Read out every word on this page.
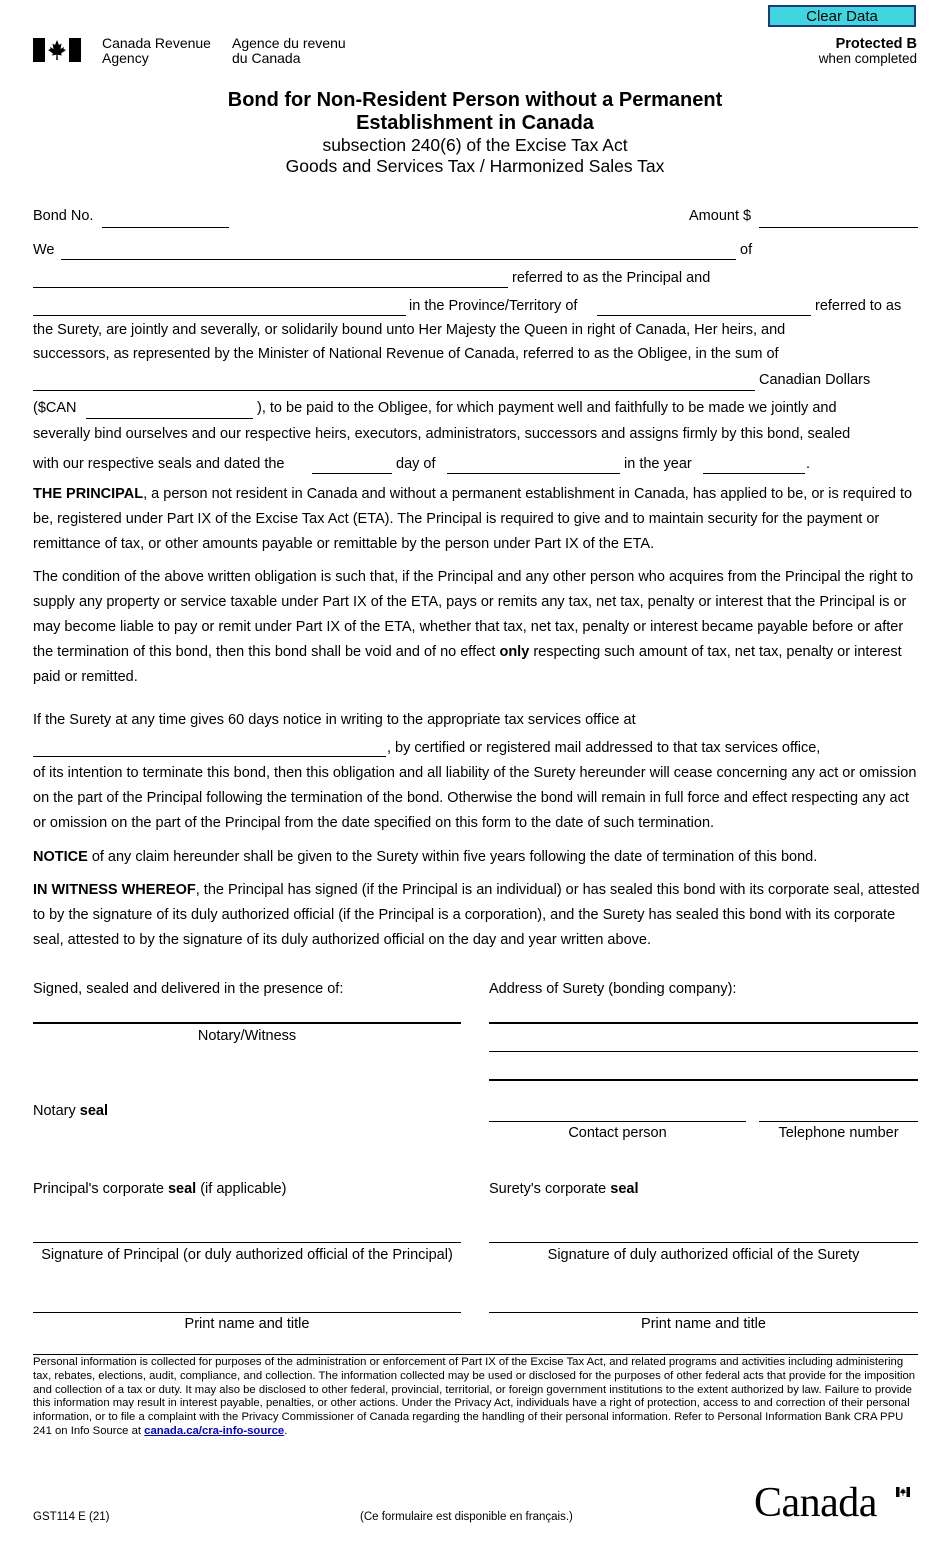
Canada Revenue
Agency
Agence du revenu
du Canada
Clear Data
Protected B
when completed
Bond for Non-Resident Person without a Permanent
Establishment in Canada
subsection 240(6) of the Excise Tax Act
Goods and Services Tax / Harmonized Sales Tax
Bond No.	Amount $
We	of
referred to as the Principal and
in the Province/Territory of	referred to as
the Surety, are jointly and severally, or solidarily bound unto Her Majesty the Queen in right of Canada, Her heirs, and
successors, as represented by the Minister of National Revenue of Canada, referred to as the Obligee, in the sum of
Canadian Dollars
($CAN	), to be paid to the Obligee, for which payment well and faithfully to be made we jointly and
severally bind ourselves and our respective heirs, executors, administrators, successors and assigns firmly by this bond, sealed
with our respective seals and dated the	day of	in the year	.

THE PRINCIPAL, a person not resident in Canada and without a permanent establishment in Canada, has applied to be, or is required to be, registered under Part IX of the Excise Tax Act (ETA). The Principal is required to give and to maintain security for the payment or remittance of tax, or other amounts payable or remittable by the person under Part IX of the ETA.

The condition of the above written obligation is such that, if the Principal and any other person who acquires from the Principal the right to supply any property or service taxable under Part IX of the ETA, pays or remits any tax, net tax, penalty or interest that the Principal is or may become liable to pay or remit under Part IX of the ETA, whether that tax, net tax, penalty or interest became payable before or after the termination of this bond, then this bond shall be void and of no effect only respecting such amount of tax, net tax, penalty or interest paid or remitted.

If the Surety at any time gives 60 days notice in writing to the appropriate tax services office at
, by certified or registered mail addressed to that tax services office,

of its intention to terminate this bond, then this obligation and all liability of the Surety hereunder will cease concerning any act or omission on the part of the Principal following the termination of the bond. Otherwise the bond will remain in full force and effect respecting any act or omission on the part of the Principal from the date specified on this form to the date of such termination.

NOTICE of any claim hereunder shall be given to the Surety within five years following the date of termination of this bond.

IN WITNESS WHEREOF, the Principal has signed (if the Principal is an individual) or has sealed this bond with its corporate seal, attested to by the signature of its duly authorized official (if the Principal is a corporation), and the Surety has sealed this bond with its corporate seal, attested to by the signature of its duly authorized official on the day and year written above.

Signed, sealed and delivered in the presence of:	Address of Surety (bonding company):
Notary/Witness
Notary seal
Contact person	Telephone number
Principal's corporate seal (if applicable)	Surety's corporate seal
Signature of Principal (or duly authorized official of the Principal)	Signature of duly authorized official of the Surety
Print name and title	Print name and title
Personal information is collected for purposes of the administration or enforcement of Part IX of the Excise Tax Act, and related programs and activities including administering tax, rebates, elections, audit, compliance, and collection. The information collected may be used or disclosed for the purposes of other federal acts that provide for the imposition and collection of a tax or duty. It may also be disclosed to other federal, provincial, territorial, or foreign government institutions to the extent authorized by law. Failure to provide this information may result in interest payable, penalties, or other actions. Under the Privacy Act, individuals have a right of protection, access to and correction of their personal information, or to file a complaint with the Privacy Commissioner of Canada regarding the handling of their personal information. Refer to Personal Information Bank CRA PPU 241 on Info Source at canada.ca/cra-info-source.
GST114 E (21)	(Ce formulaire est disponible en français.)	Canada
